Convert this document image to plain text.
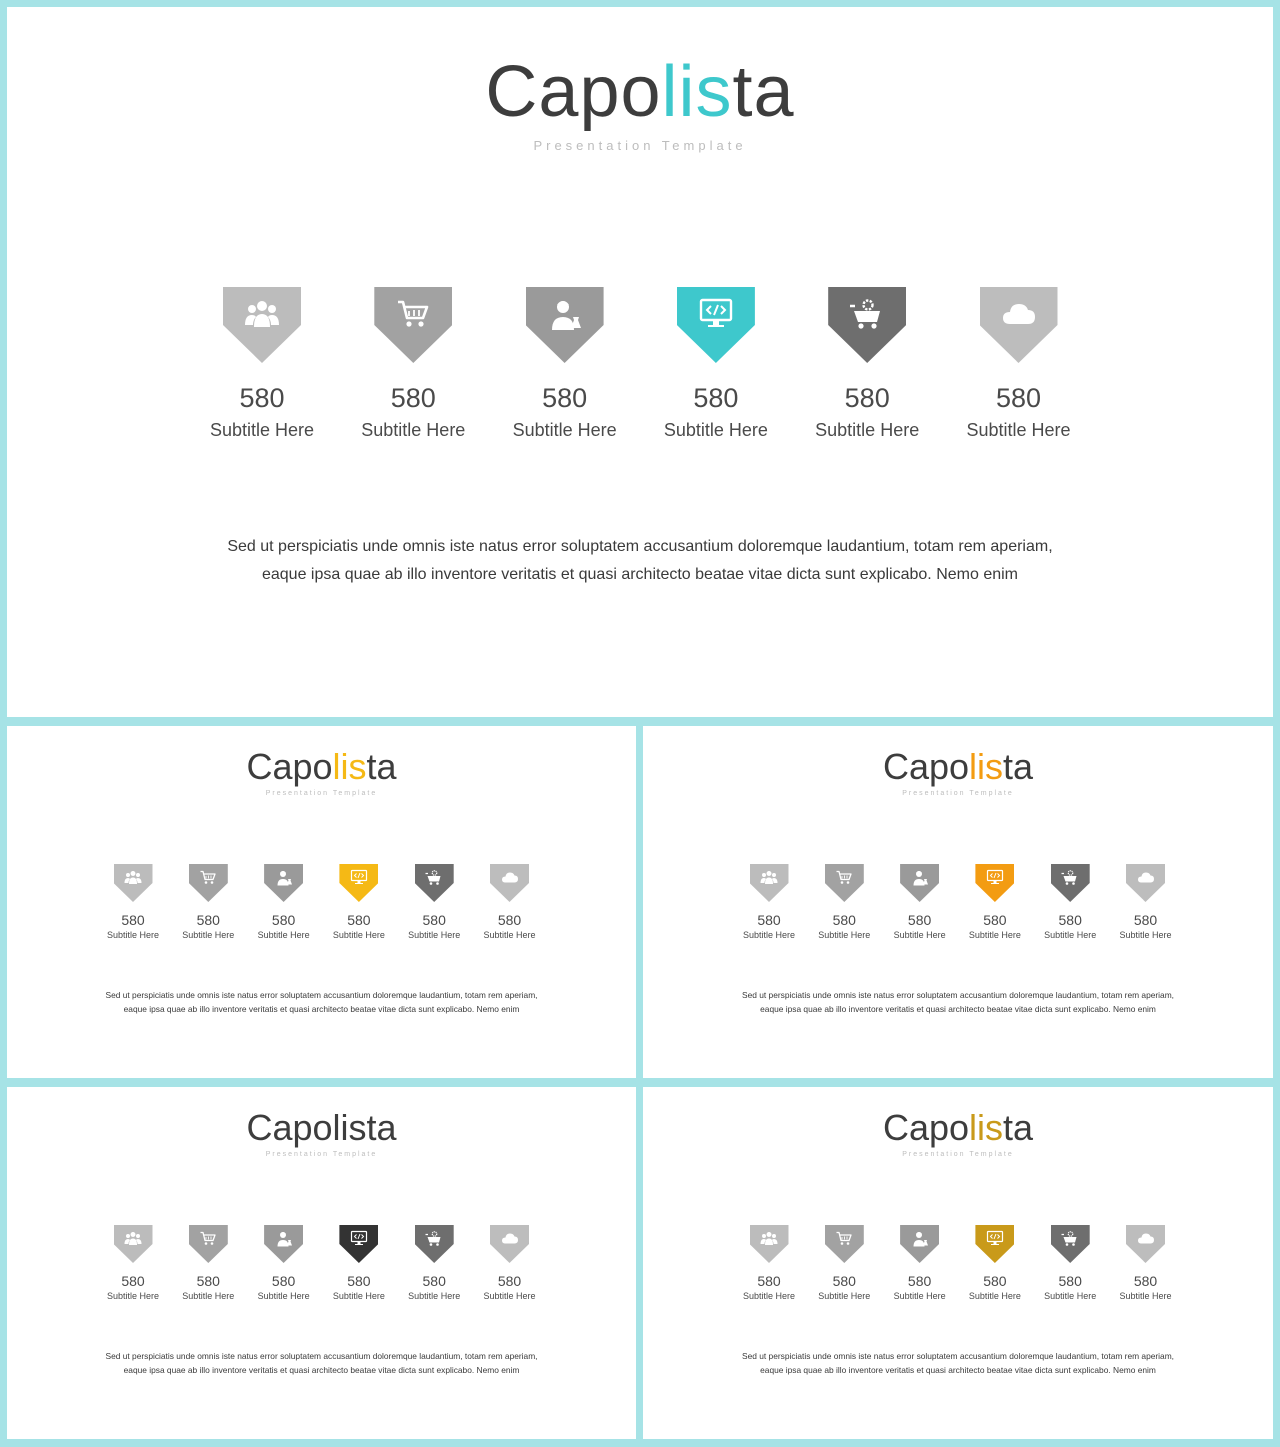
Capolista
Presentation Template
580
Subtitle Here
580
Subtitle Here
580
Subtitle Here
580
Subtitle Here
580
Subtitle Here
580
Subtitle Here
Sed ut perspiciatis unde omnis iste natus error soluptatem accusantium doloremque laudantium, totam rem aperiam,
eaque ipsa quae ab illo inventore veritatis et quasi architecto beatae vitae dicta sunt explicabo. Nemo enim
Capolista
Presentation Template
580
Subtitle Here
580
Subtitle Here
580
Subtitle Here
580
Subtitle Here
580
Subtitle Here
580
Subtitle Here
Sed ut perspiciatis unde omnis iste natus error soluptatem accusantium doloremque laudantium, totam rem aperiam,
eaque ipsa quae ab illo inventore veritatis et quasi architecto beatae vitae dicta sunt explicabo. Nemo enim
Capolista
Presentation Template
580
Subtitle Here
580
Subtitle Here
580
Subtitle Here
580
Subtitle Here
580
Subtitle Here
580
Subtitle Here
Sed ut perspiciatis unde omnis iste natus error soluptatem accusantium doloremque laudantium, totam rem aperiam,
eaque ipsa quae ab illo inventore veritatis et quasi architecto beatae vitae dicta sunt explicabo. Nemo enim
Capolista
Presentation Template
580
Subtitle Here
580
Subtitle Here
580
Subtitle Here
580
Subtitle Here
580
Subtitle Here
580
Subtitle Here
Sed ut perspiciatis unde omnis iste natus error soluptatem accusantium doloremque laudantium, totam rem aperiam,
eaque ipsa quae ab illo inventore veritatis et quasi architecto beatae vitae dicta sunt explicabo. Nemo enim
Capolista
Presentation Template
580
Subtitle Here
580
Subtitle Here
580
Subtitle Here
580
Subtitle Here
580
Subtitle Here
580
Subtitle Here
Sed ut perspiciatis unde omnis iste natus error soluptatem accusantium doloremque laudantium, totam rem aperiam,
eaque ipsa quae ab illo inventore veritatis et quasi architecto beatae vitae dicta sunt explicabo. Nemo enim
